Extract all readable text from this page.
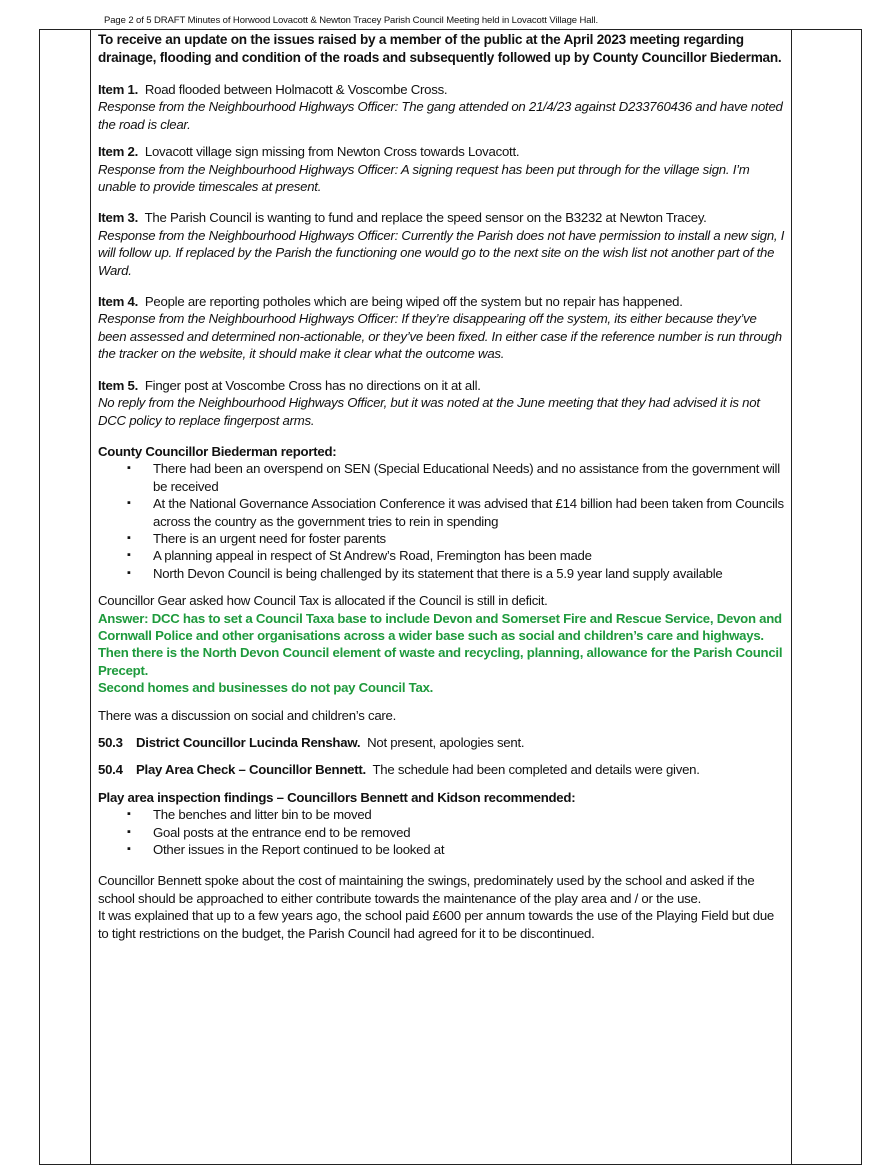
Page 2 of 5 DRAFT Minutes of Horwood Lovacott & Newton Tracey Parish Council Meeting held in Lovacott Village Hall.

To receive an update on the issues raised by a member of the public at the April 2023 meeting regarding drainage, flooding and condition of the roads and subsequently followed up by County Councillor Biederman.

Item 1. Road flooded between Holmacott & Voscombe Cross.

Response from the Neighbourhood Highways Officer: The gang attended on 21/4/23 against D233760436 and have noted the road is clear.

Item 2. Lovacott village sign missing from Newton Cross towards Lovacott.

Response from the Neighbourhood Highways Officer: A signing request has been put through for the village sign. I’m unable to provide timescales at present.

Item 3. The Parish Council is wanting to fund and replace the speed sensor on the B3232 at Newton Tracey.

Response from the Neighbourhood Highways Officer: Currently the Parish does not have permission to install a new sign, I will follow up. If replaced by the Parish the functioning one would go to the next site on the wish list not another part of the Ward.

Item 4. People are reporting potholes which are being wiped off the system but no repair has happened.

Response from the Neighbourhood Highways Officer: If they’re disappearing off the system, its either because they’ve been assessed and determined non-actionable, or they’ve been fixed. In either case if the reference number is run through the tracker on the website, it should make it clear what the outcome was.

Item 5. Finger post at Voscombe Cross has no directions on it at all.

No reply from the Neighbourhood Highways Officer, but it was noted at the June meeting that they had advised it is not DCC policy to replace fingerpost arms.

County Councillor Biederman reported:

▪ There had been an overspend on SEN (Special Educational Needs) and no assistance from the government will be received
▪ At the National Governance Association Conference it was advised that £14 billion had been taken from Councils across the country as the government tries to rein in spending
▪ There is an urgent need for foster parents
▪ A planning appeal in respect of St Andrew’s Road, Fremington has been made
▪ North Devon Council is being challenged by its statement that there is a 5.9 year land supply available

Councillor Gear asked how Council Tax is allocated if the Council is still in deficit.

Answer: DCC has to set a Council Taxa base to include Devon and Somerset Fire and Rescue Service, Devon and Cornwall Police and other organisations across a wider base such as social and children’s care and highways.

Then there is the North Devon Council element of waste and recycling, planning, allowance for the Parish Council Precept.

Second homes and businesses do not pay Council Tax.

There was a discussion on social and children’s care.

50.3 District Councillor Lucinda Renshaw. Not present, apologies sent.

50.4 Play Area Check – Councillor Bennett. The schedule had been completed and details were given.

Play area inspection findings – Councillors Bennett and Kidson recommended:

▪ The benches and litter bin to be moved
▪ Goal posts at the entrance end to be removed
▪ Other issues in the Report continued to be looked at

Councillor Bennett spoke about the cost of maintaining the swings, predominately used by the school and asked if the school should be approached to either contribute towards the maintenance of the play area and / or the use.

It was explained that up to a few years ago, the school paid £600 per annum towards the use of the Playing Field but due to tight restrictions on the budget, the Parish Council had agreed for it to be discontinued.
